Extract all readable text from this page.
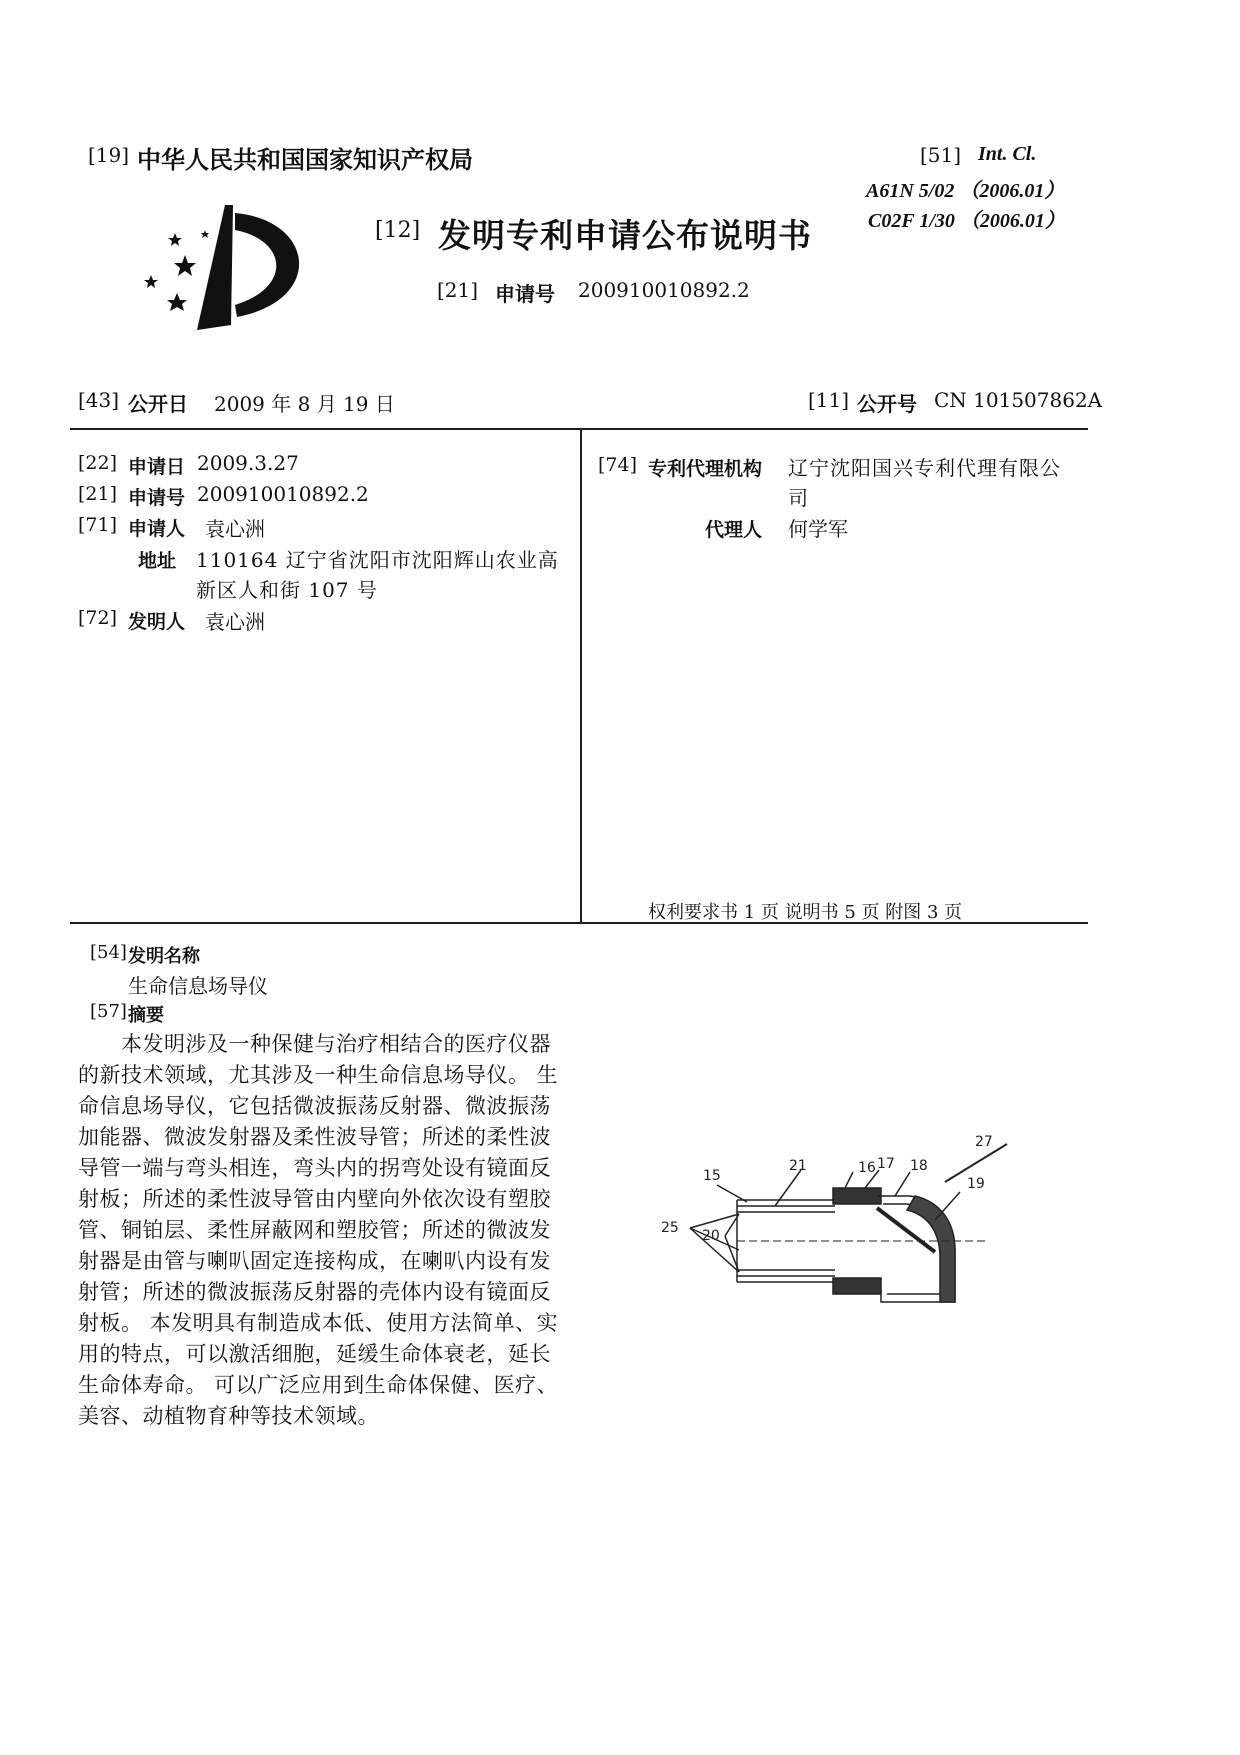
[19] 中华人民共和国国家知识产权局
[12] 发明专利申请公布说明书
[21] 申请号 200910010892.2
[51] Int. Cl.
A61N 5/02 （2006.01）
C02F 1/30 （2006.01）
[43] 公开日 2009 年 8 月 19 日	[11] 公开号 CN 101507862A
[22] 申请日 2009.3.27
[21] 申请号 200910010892.2
[71] 申请人 袁心洲
地址 110164 辽宁省沈阳市沈阳辉山农业高
新区人和街 107 号
[72] 发明人 袁心洲
[74] 专利代理机构 辽宁沈阳国兴专利代理有限公
司
代理人 何学军
权利要求书 1 页 说明书 5 页 附图 3 页
[54] 发明名称
生命信息场导仪
[57] 摘要
　　本发明涉及一种保健与治疗相结合的医疗仪器
的新技术领域，尤其涉及一种生命信息场导仪。 生
命信息场导仪，它包括微波振荡反射器、微波振荡
加能器、微波发射器及柔性波导管；所述的柔性波
导管一端与弯头相连，弯头内的拐弯处设有镜面反
射板；所述的柔性波导管由内壁向外依次设有塑胶
管、铜铂层、柔性屏蔽网和塑胶管；所述的微波发
射器是由管与喇叭固定连接构成，在喇叭内设有发
射管；所述的微波振荡反射器的壳体内设有镜面反
射板。 本发明具有制造成本低、使用方法简单、实
用的特点，可以激活细胞，延缓生命体衰老，延长
生命体寿命。 可以广泛应用到生命体保健、医疗、
美容、动植物育种等技术领域。
15	16 17 18
19
20
21
25
27
